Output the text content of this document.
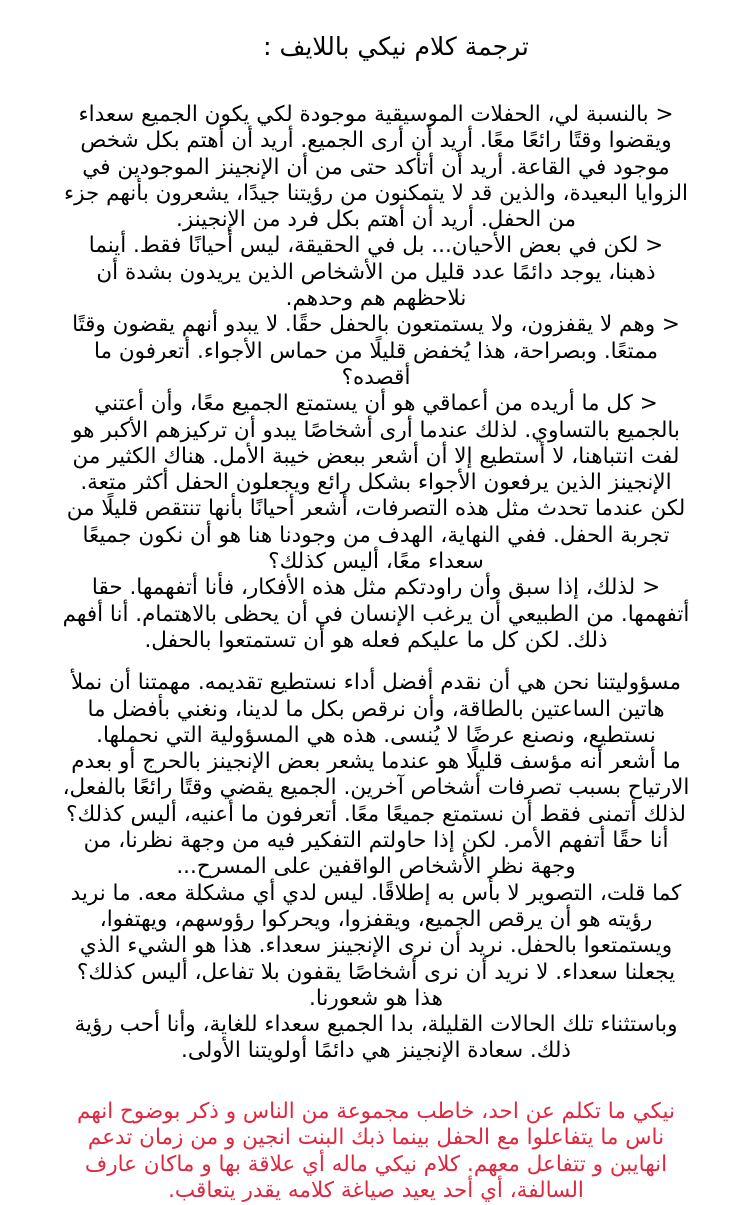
ترجمة كلام نيكي باللايف :

< بالنسبة لي، الحفلات الموسيقية موجودة لكي يكون الجميع سعداء ويقضوا وقتًا رائعًا معًا. أريد أن أرى الجميع. أريد أن أهتم بكل شخص موجود في القاعة. أريد أن أتأكد حتى من أن الإنجينز الموجودين في الزوايا البعيدة، والذين قد لا يتمكنون من رؤيتنا جيدًا، يشعرون بأنهم جزء من الحفل. أريد أن أهتم بكل فرد من الإنجينز.

< لكن في بعض الأحيان... بل في الحقيقة، ليس أحيانًا فقط. أينما ذهبنا، يوجد دائمًا عدد قليل من الأشخاص الذين يريدون بشدة أن نلاحظهم هم وحدهم.

< وهم لا يقفزون، ولا يستمتعون بالحفل حقًا. لا يبدو أنهم يقضون وقتًا ممتعًا. وبصراحة، هذا يُخفض قليلًا من حماس الأجواء. أتعرفون ما أقصده؟

< كل ما أريده من أعماقي هو أن يستمتع الجميع معًا، وأن أعتني بالجميع بالتساوي. لذلك عندما أرى أشخاصًا يبدو أن تركيزهم الأكبر هو لفت انتباهنا، لا أستطيع إلا أن أشعر ببعض خيبة الأمل. هناك الكثير من الإنجينز الذين يرفعون الأجواء بشكل رائع ويجعلون الحفل أكثر متعة. لكن عندما تحدث مثل هذه التصرفات، أشعر أحيانًا بأنها تنتقص قليلًا من تجربة الحفل. ففي النهاية، الهدف من وجودنا هنا هو أن نكون جميعًا سعداء معًا، أليس كذلك؟

< لذلك، إذا سبق وأن راودتكم مثل هذه الأفكار، فأنا أتفهمها. حقا أتفهمها. من الطبيعي أن يرغب الإنسان في أن يحظى بالاهتمام. أنا أفهم ذلك. لكن كل ما عليكم فعله هو أن تستمتعوا بالحفل.

مسؤوليتنا نحن هي أن نقدم أفضل أداء نستطيع تقديمه. مهمتنا أن نملأ هاتين الساعتين بالطاقة، وأن نرقص بكل ما لدينا، ونغني بأفضل ما نستطيع، ونصنع عرضًا لا يُنسى. هذه هي المسؤولية التي نحملها.

ما أشعر أنه مؤسف قليلًا هو عندما يشعر بعض الإنجينز بالحرج أو بعدم الارتياح بسبب تصرفات أشخاص آخرين. الجميع يقضي وقتًا رائعًا بالفعل، لذلك أتمنى فقط أن نستمتع جميعًا معًا. أتعرفون ما أعنيه، أليس كذلك؟

أنا حقًا أتفهم الأمر. لكن إذا حاولتم التفكير فيه من وجهة نظرنا، من وجهة نظر الأشخاص الواقفين على المسرح...

كما قلت، التصوير لا بأس به إطلاقًا. ليس لدي أي مشكلة معه. ما نريد رؤيته هو أن يرقص الجميع، ويقفزوا، ويحركوا رؤوسهم، ويهتفوا، ويستمتعوا بالحفل. نريد أن نرى الإنجينز سعداء. هذا هو الشيء الذي يجعلنا سعداء. لا نريد أن نرى أشخاصًا يقفون بلا تفاعل، أليس كذلك؟ هذا هو شعورنا.

وباستثناء تلك الحالات القليلة، بدا الجميع سعداء للغاية، وأنا أحب رؤية ذلك. سعادة الإنجينز هي دائمًا أولويتنا الأولى.

نيكي ما تكلم عن احد، خاطب مجموعة من الناس و ذكر بوضوح انهم ناس ما يتفاعلوا مع الحفل بينما ذبك البنت انجين و من زمان تدعم انهايبن و تتفاعل معهم. كلام نيكي ماله أي علاقة بها و ماكان عارف السالفة، أي أحد يعيد صياغة كلامه يقدر يتعاقب.
